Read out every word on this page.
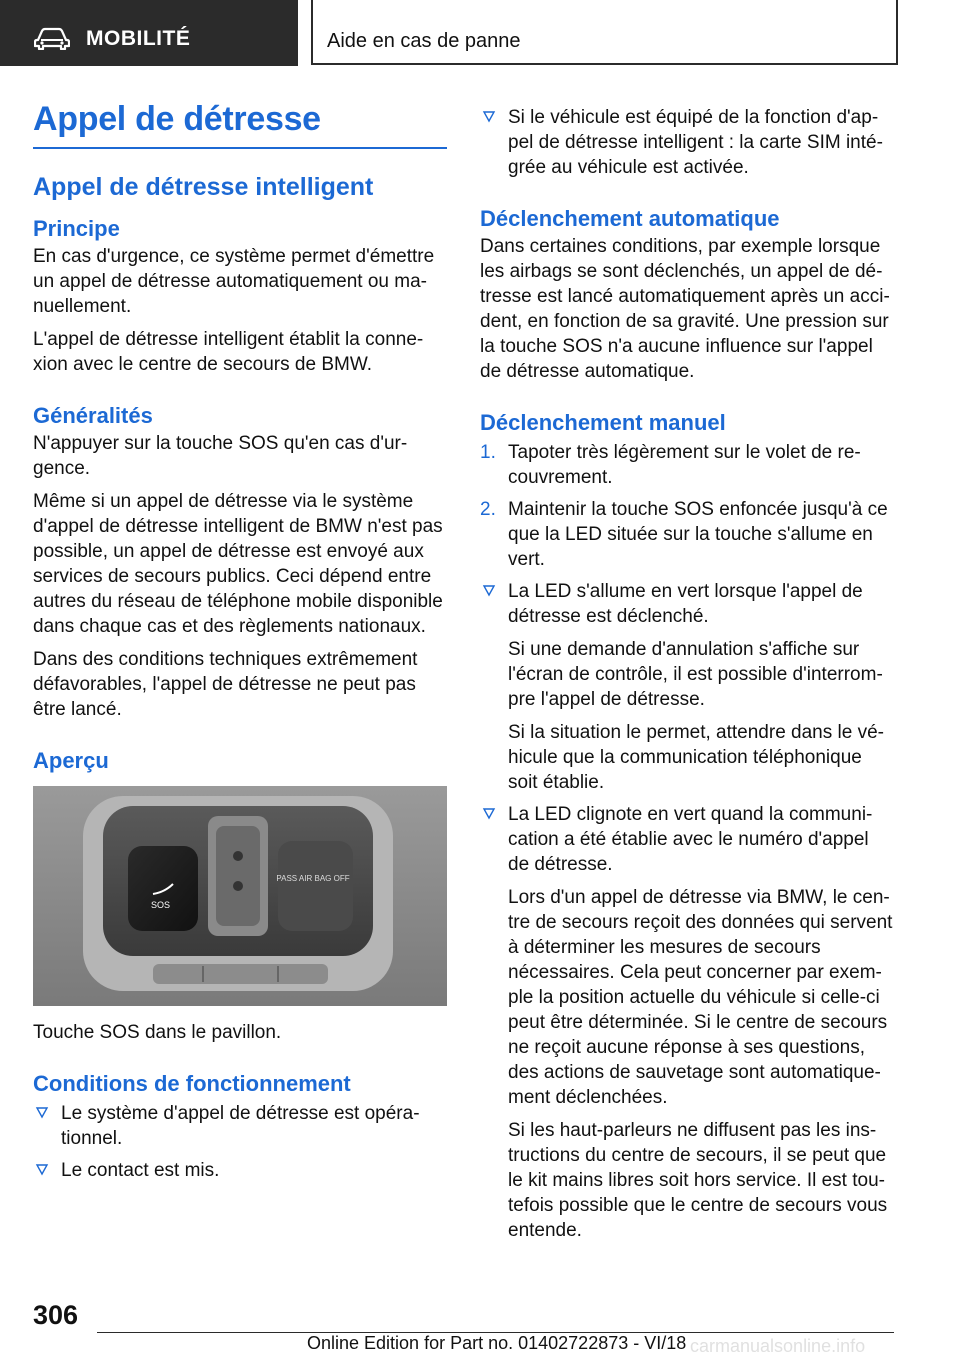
MOBILITÉ	Aide en cas de panne
Appel de détresse
Appel de détresse intelligent
Principe

En cas d'urgence, ce système permet d'émettre un appel de détresse automatiquement ou manuellement.

L'appel de détresse intelligent établit la connexion avec le centre de secours de BMW.

Généralités

N'appuyer sur la touche SOS qu'en cas d'urgence.

Même si un appel de détresse via le système d'appel de détresse intelligent de BMW n'est pas possible, un appel de détresse est envoyé aux services de secours publics. Ceci dépend entre autres du réseau de téléphone mobile disponible dans chaque cas et des règlements nationaux.

Dans des conditions techniques extrêmement défavorables, l'appel de détresse ne peut pas être lancé.

Aperçu
SOS
PASS AIR BAG OFF
Touche SOS dans le pavillon.
Conditions de fonctionnement
Le système d'appel de détresse est opérationnel.
Le contact est mis.
Si le véhicule est équipé de la fonction d'appel de détresse intelligent : la carte SIM intégrée au véhicule est activée.
Déclenchement automatique

Dans certaines conditions, par exemple lorsque les airbags se sont déclenchés, un appel de détresse est lancé automatiquement après un accident, en fonction de sa gravité. Une pression sur la touche SOS n'a aucune influence sur l'appel de détresse automatique.

Déclenchement manuel
1. Tapoter très légèrement sur le volet de recouvrement.
2. Maintenir la touche SOS enfoncée jusqu'à ce que la LED située sur la touche s'allume en vert.
La LED s'allume en vert lorsque l'appel de détresse est déclenché.
Si une demande d'annulation s'affiche sur l'écran de contrôle, il est possible d'interrompre l'appel de détresse.
Si la situation le permet, attendre dans le véhicule que la communication téléphonique soit établie.
La LED clignote en vert quand la communication a été établie avec le numéro d'appel de détresse.
Lors d'un appel de détresse via BMW, le centre de secours reçoit des données qui servent à déterminer les mesures de secours nécessaires. Cela peut concerner par exemple la position actuelle du véhicule si celle-ci peut être déterminée. Si le centre de secours ne reçoit aucune réponse à ses questions, des actions de sauvetage sont automatiquement déclenchées.
Si les haut-parleurs ne diffusent pas les instructions du centre de secours, il se peut que le kit mains libres soit hors service. Il est toutefois possible que le centre de secours vous entende.
306
Online Edition for Part no. 01402722873 - VI/18 carmanualsonline.info
